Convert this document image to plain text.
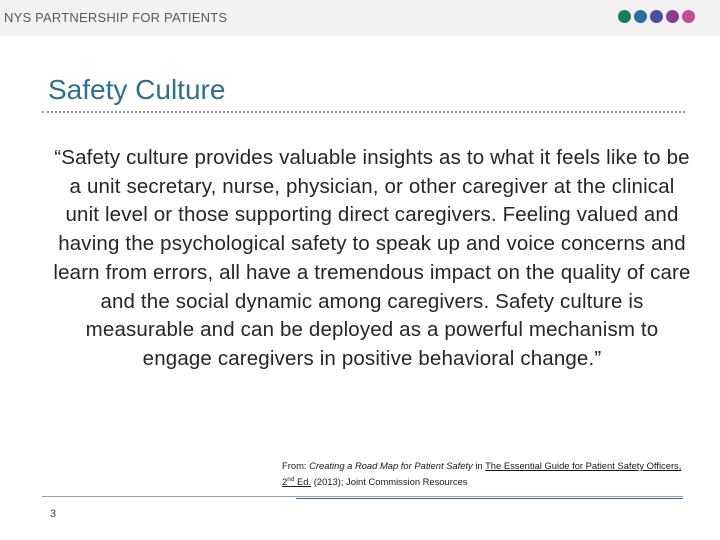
NYS PARTNERSHIP FOR PATIENTS
Safety Culture
“Safety culture provides valuable insights as to what it feels like to be a unit secretary, nurse, physician, or other caregiver at the clinical unit level or those supporting direct caregivers. Feeling valued and having the psychological safety to speak up and voice concerns and learn from errors, all have a tremendous impact on the quality of care and the social dynamic among caregivers. Safety culture is measurable and can be deployed as a powerful mechanism to engage caregivers in positive behavioral change.”
From: Creating a Road Map for Patient Safety in The Essential Guide for Patient Safety Officers, 2nd Ed. (2013); Joint Commission Resources
3
